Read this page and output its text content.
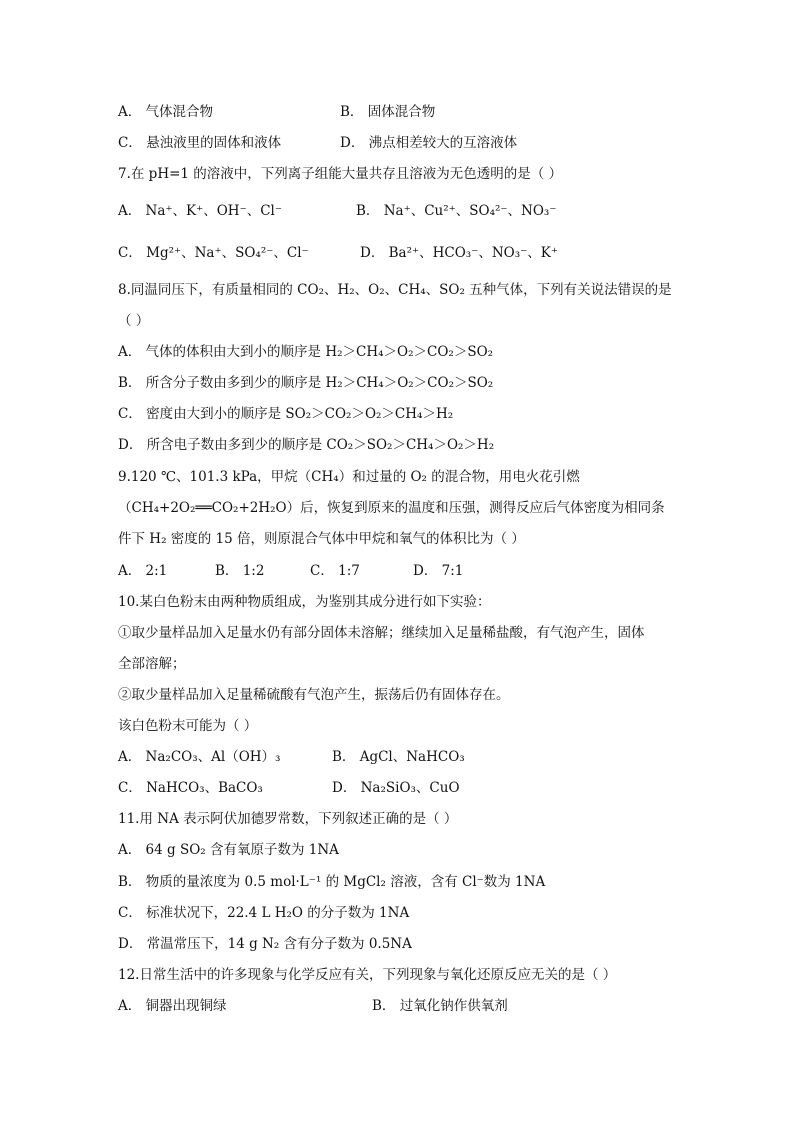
A． 气体混合物	B． 固体混合物
C． 悬浊液里的固体和液体	D． 沸点相差较大的互溶液体
7.在 pH=1 的溶液中，下列离子组能大量共存且溶液为无色透明的是（ ）
A． Na⁺、K⁺、OH⁻、Cl⁻	B． Na⁺、Cu²⁺、SO₄²⁻、NO₃⁻
C． Mg²⁺、Na⁺、SO₄²⁻、Cl⁻	D． Ba²⁺、HCO₃⁻、NO₃⁻、K⁺
8.同温同压下，有质量相同的 CO₂、H₂、O₂、CH₄、SO₂ 五种气体，下列有关说法错误的是
（ ）
A． 气体的体积由大到小的顺序是 H₂＞CH₄＞O₂＞CO₂＞SO₂
B． 所含分子数由多到少的顺序是 H₂＞CH₄＞O₂＞CO₂＞SO₂
C． 密度由大到小的顺序是 SO₂＞CO₂＞O₂＞CH₄＞H₂
D． 所含电子数由多到少的顺序是 CO₂＞SO₂＞CH₄＞O₂＞H₂
9.120 ℃、101.3 kPa，甲烷（CH₄）和过量的 O₂ 的混合物，用电火花引燃
（CH₄+2O₂══CO₂+2H₂O）后，恢复到原来的温度和压强，测得反应后气体密度为相同条
件下 H₂ 密度的 15 倍，则原混合气体中甲烷和氧气的体积比为（ ）
A． 2:1	B． 1:2	C． 1:7	D． 7:1
10.某白色粉末由两种物质组成，为鉴别其成分进行如下实验：
①取少量样品加入足量水仍有部分固体未溶解；继续加入足量稀盐酸，有气泡产生，固体
全部溶解；
②取少量样品加入足量稀硫酸有气泡产生，振荡后仍有固体存在。
该白色粉末可能为（ ）
A． Na₂CO₃、Al（OH）₃	B． AgCl、NaHCO₃
C． NaHCO₃、BaCO₃	D． Na₂SiO₃、CuO
11.用 NA 表示阿伏加德罗常数，下列叙述正确的是（ ）
A． 64 g SO₂ 含有氧原子数为 1NA
B． 物质的量浓度为 0.5 mol·L⁻¹ 的 MgCl₂ 溶液，含有 Cl⁻数为 1NA
C． 标准状况下，22.4 L H₂O 的分子数为 1NA
D． 常温常压下，14 g N₂ 含有分子数为 0.5NA
12.日常生活中的许多现象与化学反应有关，下列现象与氧化还原反应无关的是（ ）
A． 铜器出现铜绿	B． 过氧化钠作供氧剂
